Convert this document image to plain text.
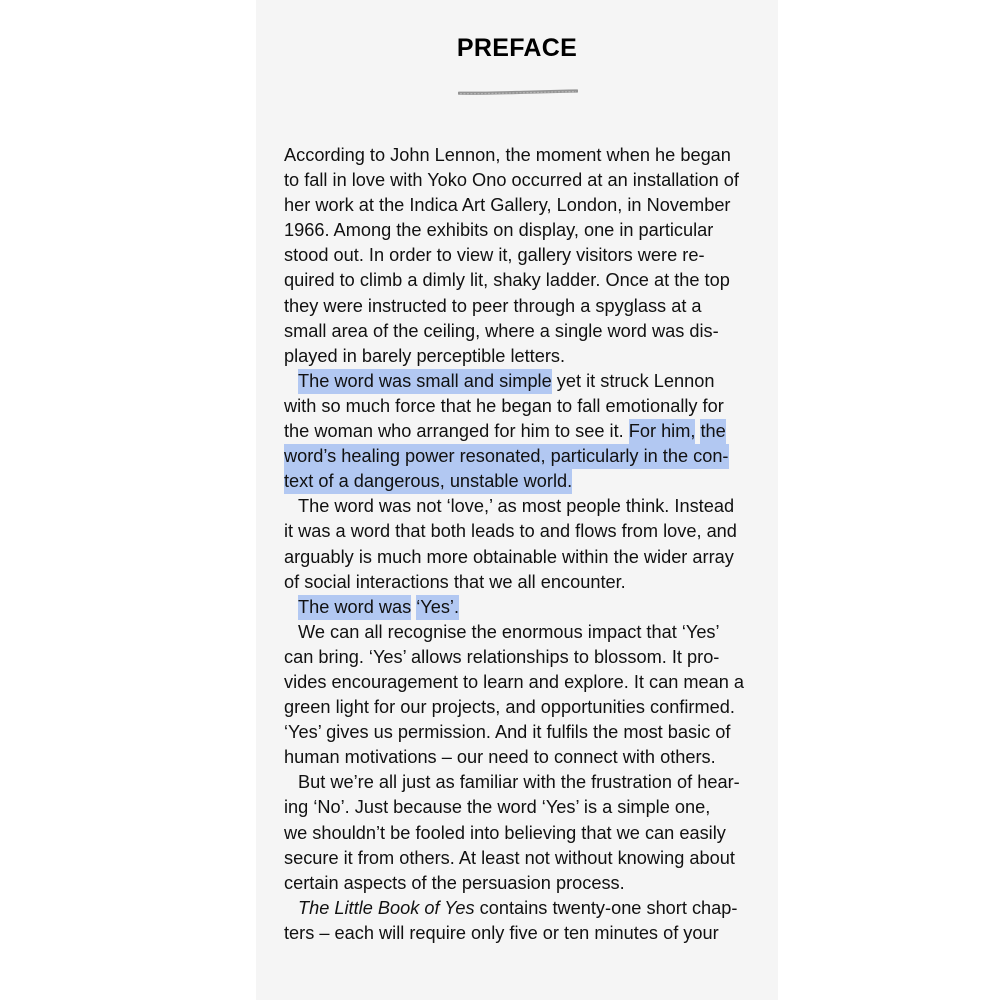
PREFACE
According to John Lennon, the moment when he began
to fall in love with Yoko Ono occurred at an installation of
her work at the Indica Art Gallery, London, in November
1966. Among the exhibits on display, one in particular
stood out. In order to view it, gallery visitors were re-
quired to climb a dimly lit, shaky ladder. Once at the top
they were instructed to peer through a spyglass at a
small area of the ceiling, where a single word was dis-
played in barely perceptible letters.
The word was small and simple yet it struck Lennon
with so much force that he began to fall emotionally for
the woman who arranged for him to see it. For him, the
word’s healing power resonated, particularly in the con-
text of a dangerous, unstable world.
The word was not ‘love,’ as most people think. Instead
it was a word that both leads to and flows from love, and
arguably is much more obtainable within the wider array
of social interactions that we all encounter.
The word was ‘Yes’.
We can all recognise the enormous impact that ‘Yes’
can bring. ‘Yes’ allows relationships to blossom. It pro-
vides encouragement to learn and explore. It can mean a
green light for our projects, and opportunities confirmed.
‘Yes’ gives us permission. And it fulfils the most basic of
human motivations – our need to connect with others.
But we’re all just as familiar with the frustration of hear-
ing ‘No’. Just because the word ‘Yes’ is a simple one,
we shouldn’t be fooled into believing that we can easily
secure it from others. At least not without knowing about
certain aspects of the persuasion process.
The Little Book of Yes contains twenty-one short chap-
ters – each will require only five or ten minutes of your
